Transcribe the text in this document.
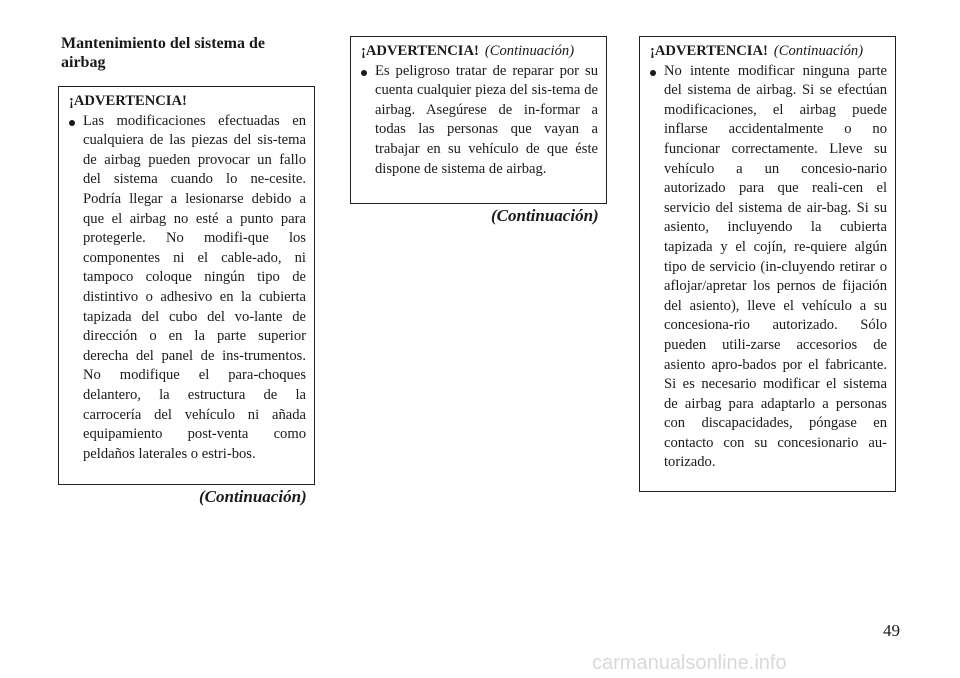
Mantenimiento del sistema de airbag
¡ADVERTENCIA!
Las modificaciones efectuadas en cualquiera de las piezas del sis-tema de airbag pueden provocar un fallo del sistema cuando lo ne-cesite. Podría llegar a lesionarse debido a que el airbag no esté a punto para protegerle. No modifi-que los componentes ni el cable-ado, ni tampoco coloque ningún tipo de distintivo o adhesivo en la cubierta tapizada del cubo del vo-lante de dirección o en la parte superior derecha del panel de ins-trumentos. No modifique el para-choques delantero, la estructura de la carrocería del vehículo ni añada equipamiento post-venta como peldaños laterales o estri-bos.
(Continuación)
¡ADVERTENCIA! (Continuación)
Es peligroso tratar de reparar por su cuenta cualquier pieza del sis-tema de airbag. Asegúrese de in-formar a todas las personas que vayan a trabajar en su vehículo de que éste dispone de sistema de airbag.
(Continuación)
¡ADVERTENCIA! (Continuación)
No intente modificar ninguna parte del sistema de airbag. Si se efectúan modificaciones, el airbag puede inflarse accidentalmente o no funcionar correctamente. Lleve su vehículo a un concesio-nario autorizado para que reali-cen el servicio del sistema de air-bag. Si su asiento, incluyendo la cubierta tapizada y el cojín, re-quiere algún tipo de servicio (in-cluyendo retirar o aflojar/apretar los pernos de fijación del asiento), lleve el vehículo a su concesiona-rio autorizado. Sólo pueden utili-zarse accesorios de asiento apro-bados por el fabricante. Si es necesario modificar el sistema de airbag para adaptarlo a personas con discapacidades, póngase en contacto con su concesionario au-torizado.
49
carmanualsonline.info
